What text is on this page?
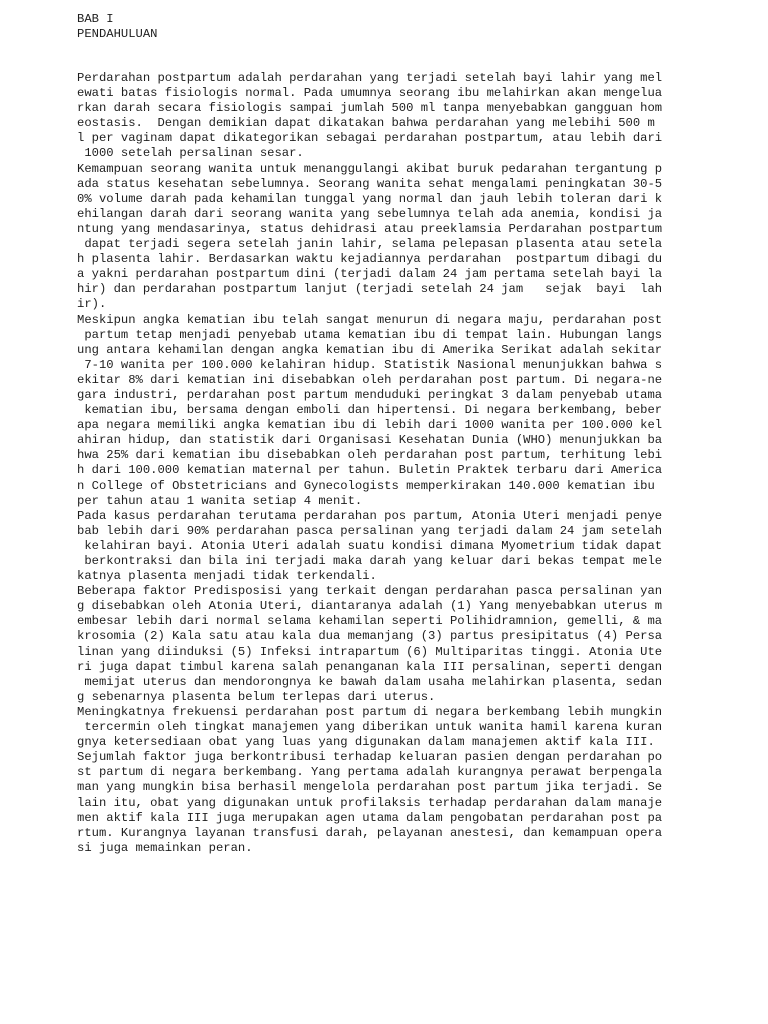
BAB I
PENDAHULUAN
Perdarahan postpartum adalah perdarahan yang terjadi setelah bayi lahir yang mel
ewati batas fisiologis normal. Pada umumnya seorang ibu melahirkan akan mengelua
rkan darah secara fisiologis sampai jumlah 500 ml tanpa menyebabkan gangguan hom
eostasis.  Dengan demikian dapat dikatakan bahwa perdarahan yang melebihi 500 m
l per vaginam dapat dikategorikan sebagai perdarahan postpartum, atau lebih dari
1000 setelah persalinan sesar.
Kemampuan seorang wanita untuk menanggulangi akibat buruk pedarahan tergantung p
ada status kesehatan sebelumnya. Seorang wanita sehat mengalami peningkatan 30-5
0% volume darah pada kehamilan tunggal yang normal dan jauh lebih toleran dari k
ehilangan darah dari seorang wanita yang sebelumnya telah ada anemia, kondisi ja
ntung yang mendasarinya, status dehidrasi atau preeklamsia Perdarahan postpartum
dapat terjadi segera setelah janin lahir, selama pelepasan plasenta atau setela
h plasenta lahir. Berdasarkan waktu kejadiannya perdarahan  postpartum dibagi du
a yakni perdarahan postpartum dini (terjadi dalam 24 jam pertama setelah bayi la
hir) dan perdarahan postpartum lanjut (terjadi setelah 24 jam   sejak  bayi  lah
ir).
Meskipun angka kematian ibu telah sangat menurun di negara maju, perdarahan post
partum tetap menjadi penyebab utama kematian ibu di tempat lain. Hubungan langs
ung antara kehamilan dengan angka kematian ibu di Amerika Serikat adalah sekitar
7-10 wanita per 100.000 kelahiran hidup. Statistik Nasional menunjukkan bahwa s
ekitar 8% dari kematian ini disebabkan oleh perdarahan post partum. Di negara-ne
gara industri, perdarahan post partum menduduki peringkat 3 dalam penyebab utama
kematian ibu, bersama dengan emboli dan hipertensi. Di negara berkembang, beber
apa negara memiliki angka kematian ibu di lebih dari 1000 wanita per 100.000 kel
ahiran hidup, dan statistik dari Organisasi Kesehatan Dunia (WHO) menunjukkan ba
hwa 25% dari kematian ibu disebabkan oleh perdarahan post partum, terhitung lebi
h dari 100.000 kematian maternal per tahun. Buletin Praktek terbaru dari America
n College of Obstetricians and Gynecologists memperkirakan 140.000 kematian ibu
per tahun atau 1 wanita setiap 4 menit.
Pada kasus perdarahan terutama perdarahan pos partum, Atonia Uteri menjadi penye
bab lebih dari 90% perdarahan pasca persalinan yang terjadi dalam 24 jam setelah
kelahiran bayi. Atonia Uteri adalah suatu kondisi dimana Myometrium tidak dapat
berkontraksi dan bila ini terjadi maka darah yang keluar dari bekas tempat mele
katnya plasenta menjadi tidak terkendali.
Beberapa faktor Predisposisi yang terkait dengan perdarahan pasca persalinan yan
g disebabkan oleh Atonia Uteri, diantaranya adalah (1) Yang menyebabkan uterus m
embesar lebih dari normal selama kehamilan seperti Polihidramnion, gemelli, & ma
krosomia (2) Kala satu atau kala dua memanjang (3) partus presipitatus (4) Persa
linan yang diinduksi (5) Infeksi intrapartum (6) Multiparitas tinggi. Atonia Ute
ri juga dapat timbul karena salah penanganan kala III persalinan, seperti dengan
memijat uterus dan mendorongnya ke bawah dalam usaha melahirkan plasenta, sedan
g sebenarnya plasenta belum terlepas dari uterus.
Meningkatnya frekuensi perdarahan post partum di negara berkembang lebih mungkin
tercermin oleh tingkat manajemen yang diberikan untuk wanita hamil karena kuran
gnya ketersediaan obat yang luas yang digunakan dalam manajemen aktif kala III.
Sejumlah faktor juga berkontribusi terhadap keluaran pasien dengan perdarahan po
st partum di negara berkembang. Yang pertama adalah kurangnya perawat berpengala
man yang mungkin bisa berhasil mengelola perdarahan post partum jika terjadi. Se
lain itu, obat yang digunakan untuk profilaksis terhadap perdarahan dalam manaje
men aktif kala III juga merupakan agen utama dalam pengobatan perdarahan post pa
rtum. Kurangnya layanan transfusi darah, pelayanan anestesi, dan kemampuan opera
si juga memainkan peran.
